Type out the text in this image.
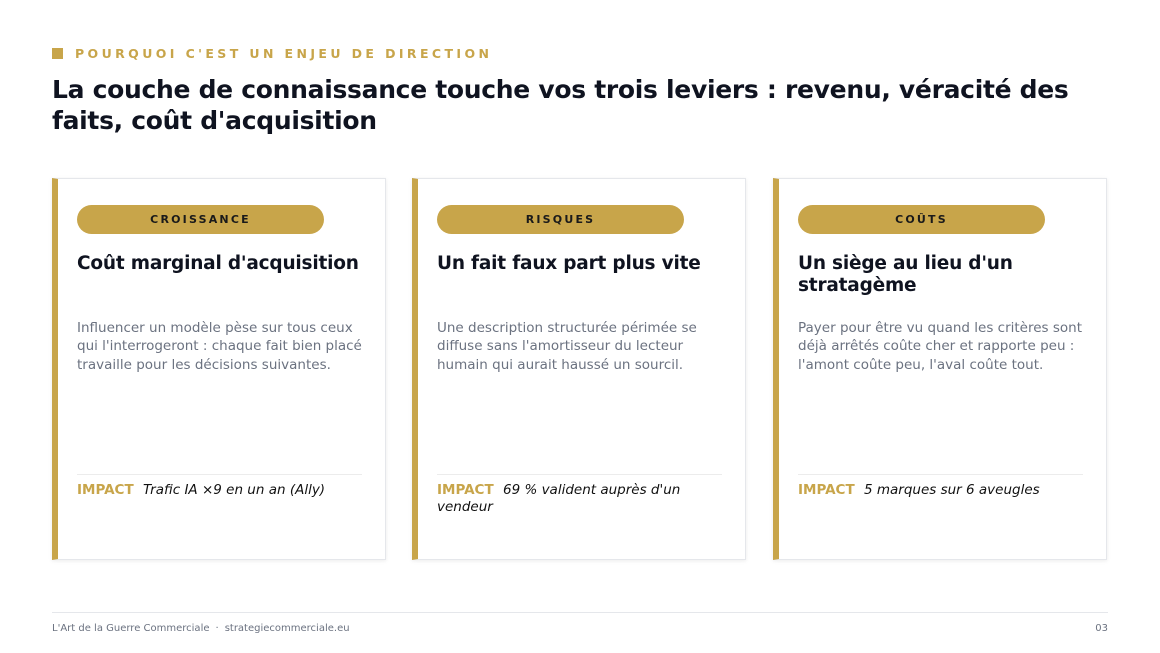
POURQUOI C'EST UN ENJEU DE DIRECTION
La couche de connaissance touche vos trois leviers : revenu, véracité des faits, coût d'acquisition
CROISSANCE
Coût marginal d'acquisition

Influencer un modèle pèse sur tous ceux qui l'interrogeront : chaque fait bien placé travaille pour les décisions suivantes.

IMPACT Trafic IA ×9 en un an (Ally)
RISQUES
Un fait faux part plus vite

Une description structurée périmée se diffuse sans l'amortisseur du lecteur humain qui aurait haussé un sourcil.

IMPACT 69 % valident auprès d'un vendeur
COÛTS
Un siège au lieu d'un stratagème

Payer pour être vu quand les critères sont déjà arrêtés coûte cher et rapporte peu : l'amont coûte peu, l'aval coûte tout.

IMPACT 5 marques sur 6 aveugles
L'Art de la Guerre Commerciale · strategiecommerciale.eu	03
